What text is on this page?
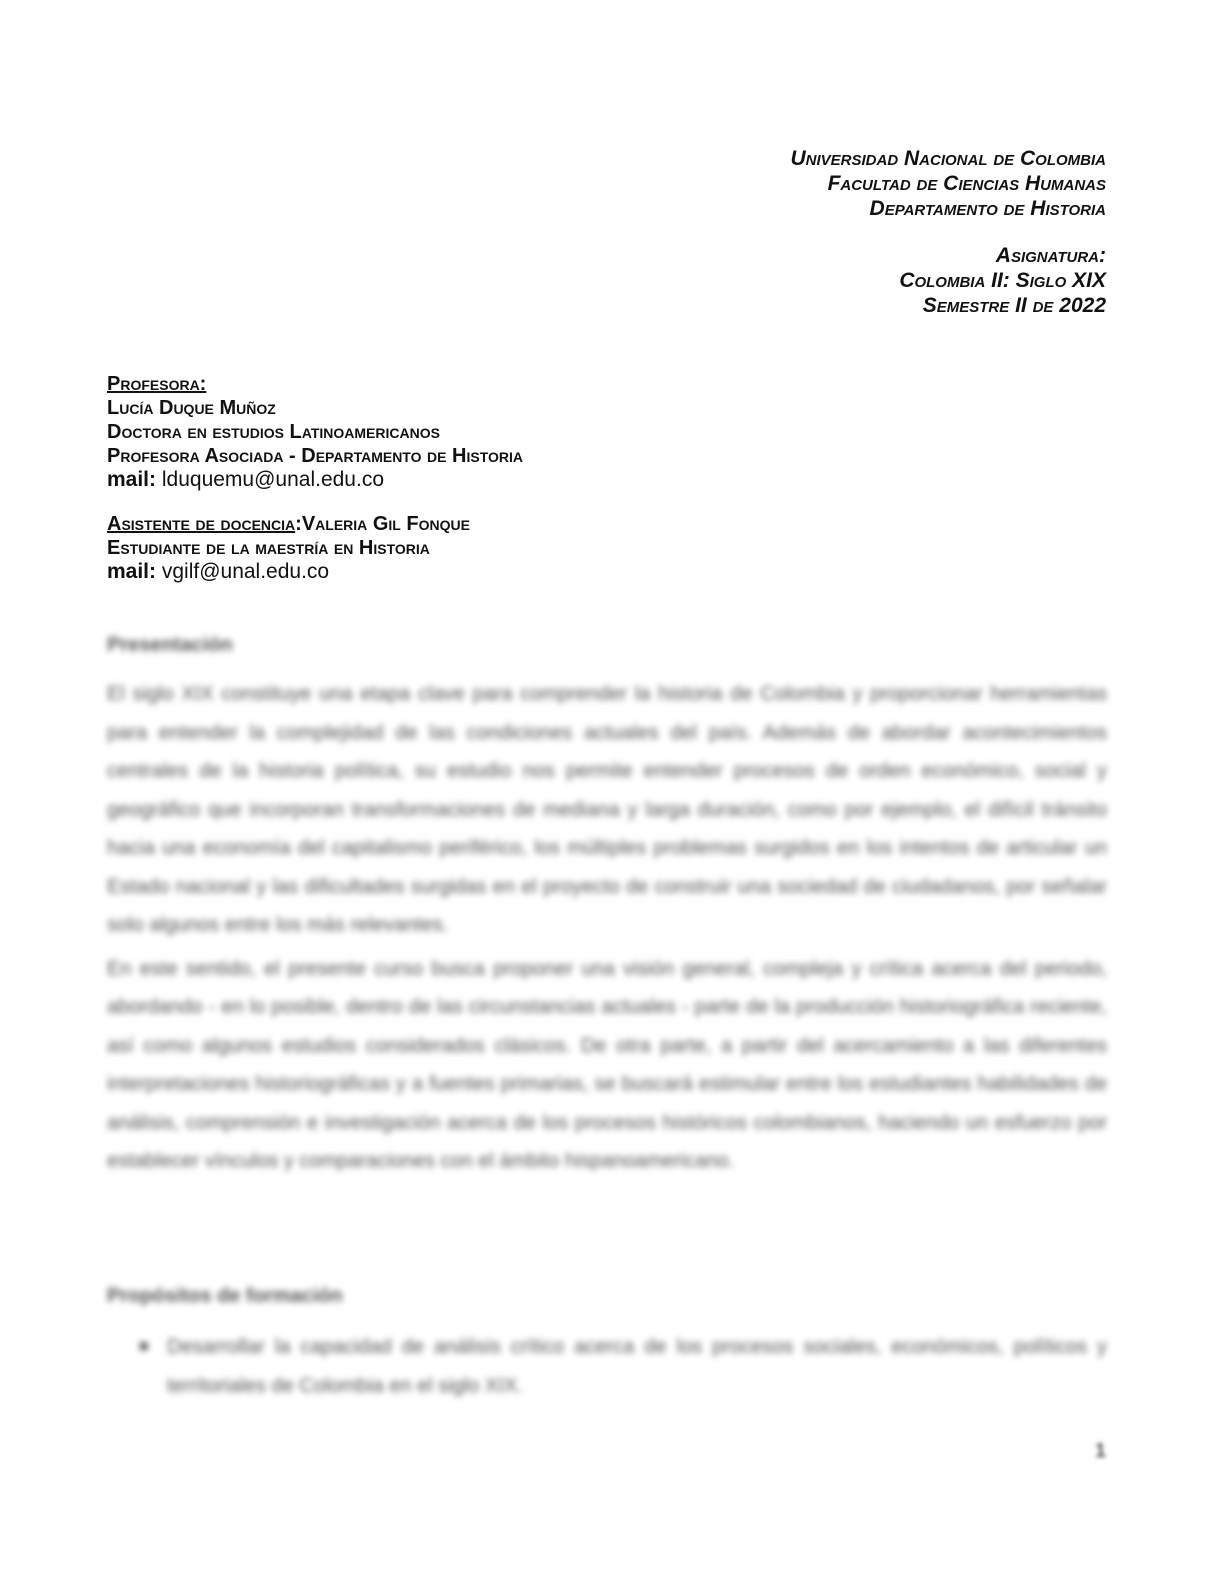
Universidad Nacional de Colombia
Facultad de Ciencias Humanas
Departamento de Historia
Asignatura:
Colombia II: Siglo XIX
Semestre II de 2022
Profesora:
Lucía Duque Muñoz
Doctora en estudios Latinoamericanos
Profesora Asociada - Departamento de Historia
mail: lduquemu@unal.edu.co
Asistente de docencia:Valeria Gil Fonque
Estudiante de la maestría en Historia
mail: vgilf@unal.edu.co
Presentación
El siglo XIX constituye una etapa clave para comprender la historia de Colombia y proporcionar herramientas para entender la complejidad de las condiciones actuales del país. Además de abordar acontecimientos centrales de la historia política, su estudio nos permite entender procesos de orden económico, social y geográfico que incorporan transformaciones de mediana y larga duración, como por ejemplo, el difícil tránsito hacia una economía del capitalismo periférico, los múltiples problemas surgidos en los intentos de articular un Estado nacional y las dificultades surgidas en el proyecto de construir una sociedad de ciudadanos, por señalar solo algunos entre los más relevantes.
En este sentido, el presente curso busca proponer una visión general, compleja y crítica acerca del periodo, abordando - en lo posible, dentro de las circunstancias actuales - parte de la producción historiográfica reciente, así como algunos estudios considerados clásicos. De otra parte, a partir del acercamiento a las diferentes interpretaciones historiográficas y a fuentes primarias, se buscará estimular entre los estudiantes habilidades de análisis, comprensión e investigación acerca de los procesos históricos colombianos, haciendo un esfuerzo por establecer vínculos y comparaciones con el ámbito hispanoamericano.
Propósitos de formación
■ Desarrollar la capacidad de análisis crítico acerca de los procesos sociales, económicos, políticos y territoriales de Colombia en el siglo XIX.
1
